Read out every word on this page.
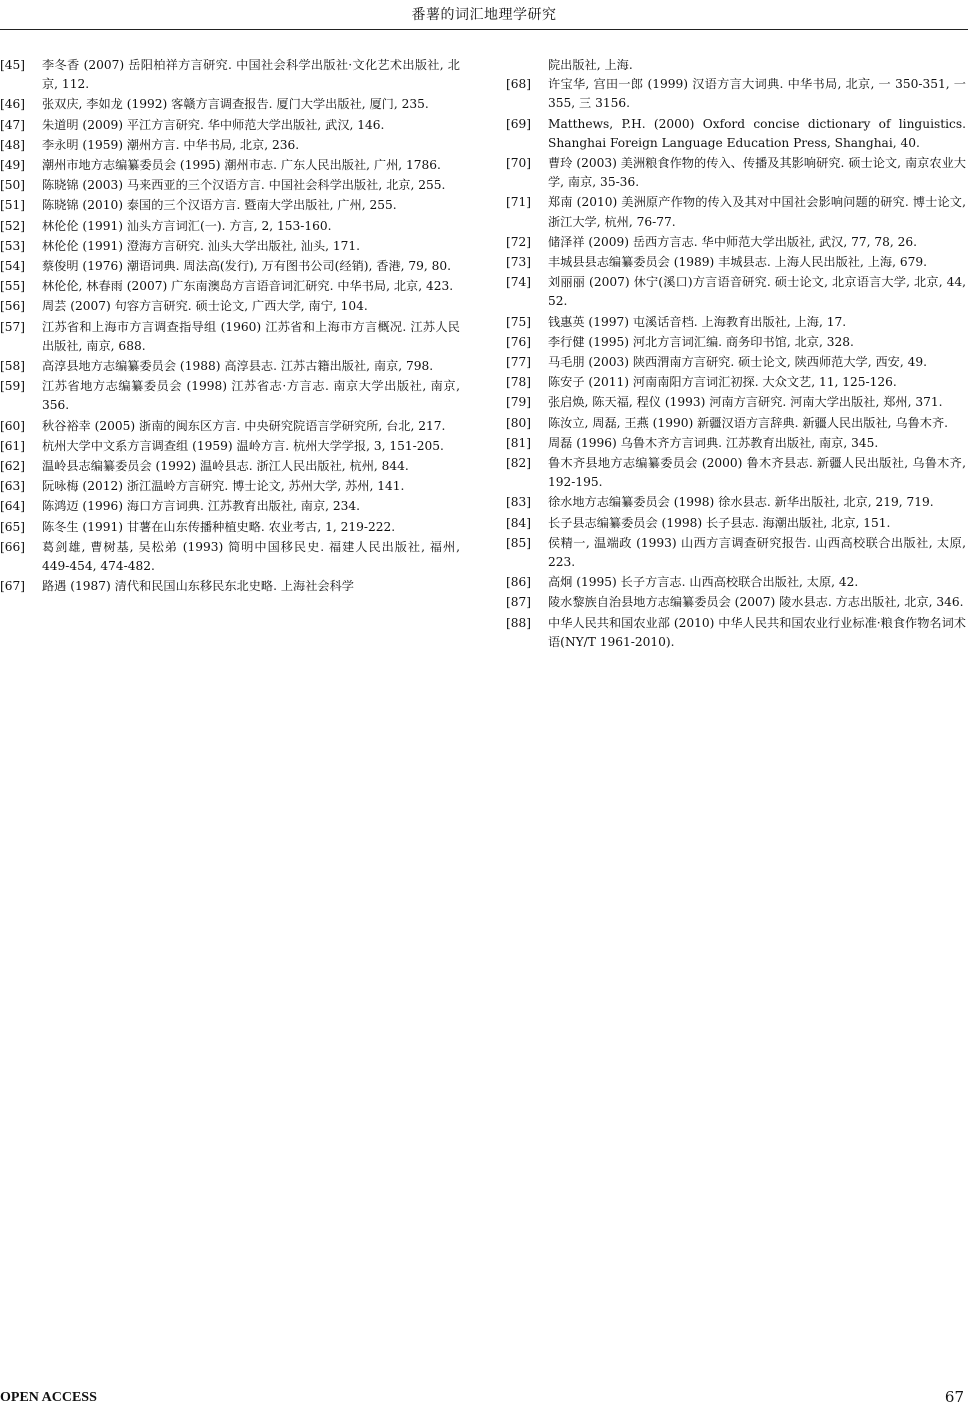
番薯的词汇地理学研究
[45] 李冬香 (2007) 岳阳柏祥方言研究. 中国社会科学出版社·文化艺术出版社, 北京, 112.
[46] 张双庆, 李如龙 (1992) 客赣方言调查报告. 厦门大学出版社, 厦门, 235.
[47] 朱道明 (2009) 平江方言研究. 华中师范大学出版社, 武汉, 146.
[48] 李永明 (1959) 潮州方言. 中华书局, 北京, 236.
[49] 潮州市地方志编纂委员会 (1995) 潮州市志. 广东人民出版社, 广州, 1786.
[50] 陈晓锦 (2003) 马来西亚的三个汉语方言. 中国社会科学出版社, 北京, 255.
[51] 陈晓锦 (2010) 泰国的三个汉语方言. 暨南大学出版社, 广州, 255.
[52] 林伦伦 (1991) 汕头方言词汇(一). 方言, 2, 153-160.
[53] 林伦伦 (1991) 澄海方言研究. 汕头大学出版社, 汕头, 171.
[54] 蔡俊明 (1976) 潮语词典. 周法高(发行), 万有图书公司(经销), 香港, 79, 80.
[55] 林伦伦, 林春雨 (2007) 广东南澳岛方言语音词汇研究. 中华书局, 北京, 423.
[56] 周芸 (2007) 句容方言研究. 硕士论文, 广西大学, 南宁, 104.
[57] 江苏省和上海市方言调查指导组 (1960) 江苏省和上海市方言概况. 江苏人民出版社, 南京, 688.
[58] 高淳县地方志编纂委员会 (1988) 高淳县志. 江苏古籍出版社, 南京, 798.
[59] 江苏省地方志编纂委员会 (1998) 江苏省志·方言志. 南京大学出版社, 南京, 356.
[60] 秋谷裕幸 (2005) 浙南的闽东区方言. 中央研究院语言学研究所, 台北, 217.
[61] 杭州大学中文系方言调查组 (1959) 温岭方言. 杭州大学学报, 3, 151-205.
[62] 温岭县志编纂委员会 (1992) 温岭县志. 浙江人民出版社, 杭州, 844.
[63] 阮咏梅 (2012) 浙江温岭方言研究. 博士论文, 苏州大学, 苏州, 141.
[64] 陈鸿迈 (1996) 海口方言词典. 江苏教育出版社, 南京, 234.
[65] 陈冬生 (1991) 甘薯在山东传播种植史略. 农业考古, 1, 219-222.
[66] 葛剑雄, 曹树基, 吴松弟 (1993) 简明中国移民史. 福建人民出版社, 福州, 449-454, 474-482.
[67] 路遇 (1987) 清代和民国山东移民东北史略. 上海社会科学
院出版社, 上海.
[68] 许宝华, 宫田一郎 (1999) 汉语方言大词典. 中华书局, 北京, 一 350-351, 一 355, 三 3156.
[69] Matthews, P.H. (2000) Oxford concise dictionary of linguistics. Shanghai Foreign Language Education Press, Shanghai, 40.
[70] 曹玲 (2003) 美洲粮食作物的传入、传播及其影响研究. 硕士论文, 南京农业大学, 南京, 35-36.
[71] 郑南 (2010) 美洲原产作物的传入及其对中国社会影响问题的研究. 博士论文, 浙江大学, 杭州, 76-77.
[72] 储泽祥 (2009) 岳西方言志. 华中师范大学出版社, 武汉, 77, 78, 26.
[73] 丰城县县志编纂委员会 (1989) 丰城县志. 上海人民出版社, 上海, 679.
[74] 刘丽丽 (2007) 休宁(溪口)方言语音研究. 硕士论文, 北京语言大学, 北京, 44, 52.
[75] 钱惠英 (1997) 屯溪话音档. 上海教育出版社, 上海, 17.
[76] 李行健 (1995) 河北方言词汇编. 商务印书馆, 北京, 328.
[77] 马毛朋 (2003) 陕西渭南方言研究. 硕士论文, 陕西师范大学, 西安, 49.
[78] 陈安子 (2011) 河南南阳方言词汇初探. 大众文艺, 11, 125-126.
[79] 张启焕, 陈天福, 程仪 (1993) 河南方言研究. 河南大学出版社, 郑州, 371.
[80] 陈汝立, 周磊, 王燕 (1990) 新疆汉语方言辞典. 新疆人民出版社, 乌鲁木齐.
[81] 周磊 (1996) 乌鲁木齐方言词典. 江苏教育出版社, 南京, 345.
[82] 鲁木齐县地方志编纂委员会 (2000) 鲁木齐县志. 新疆人民出版社, 乌鲁木齐, 192-195.
[83] 徐水地方志编纂委员会 (1998) 徐水县志. 新华出版社, 北京, 219, 719.
[84] 长子县志编纂委员会 (1998) 长子县志. 海潮出版社, 北京, 151.
[85] 侯精一, 温端政 (1993) 山西方言调查研究报告. 山西高校联合出版社, 太原, 223.
[86] 高炯 (1995) 长子方言志. 山西高校联合出版社, 太原, 42.
[87] 陵水黎族自治县地方志编纂委员会 (2007) 陵水县志. 方志出版社, 北京, 346.
[88] 中华人民共和国农业部 (2010) 中华人民共和国农业行业标准·粮食作物名词术语(NY/T 1961-2010).
OPEN ACCESS	67
